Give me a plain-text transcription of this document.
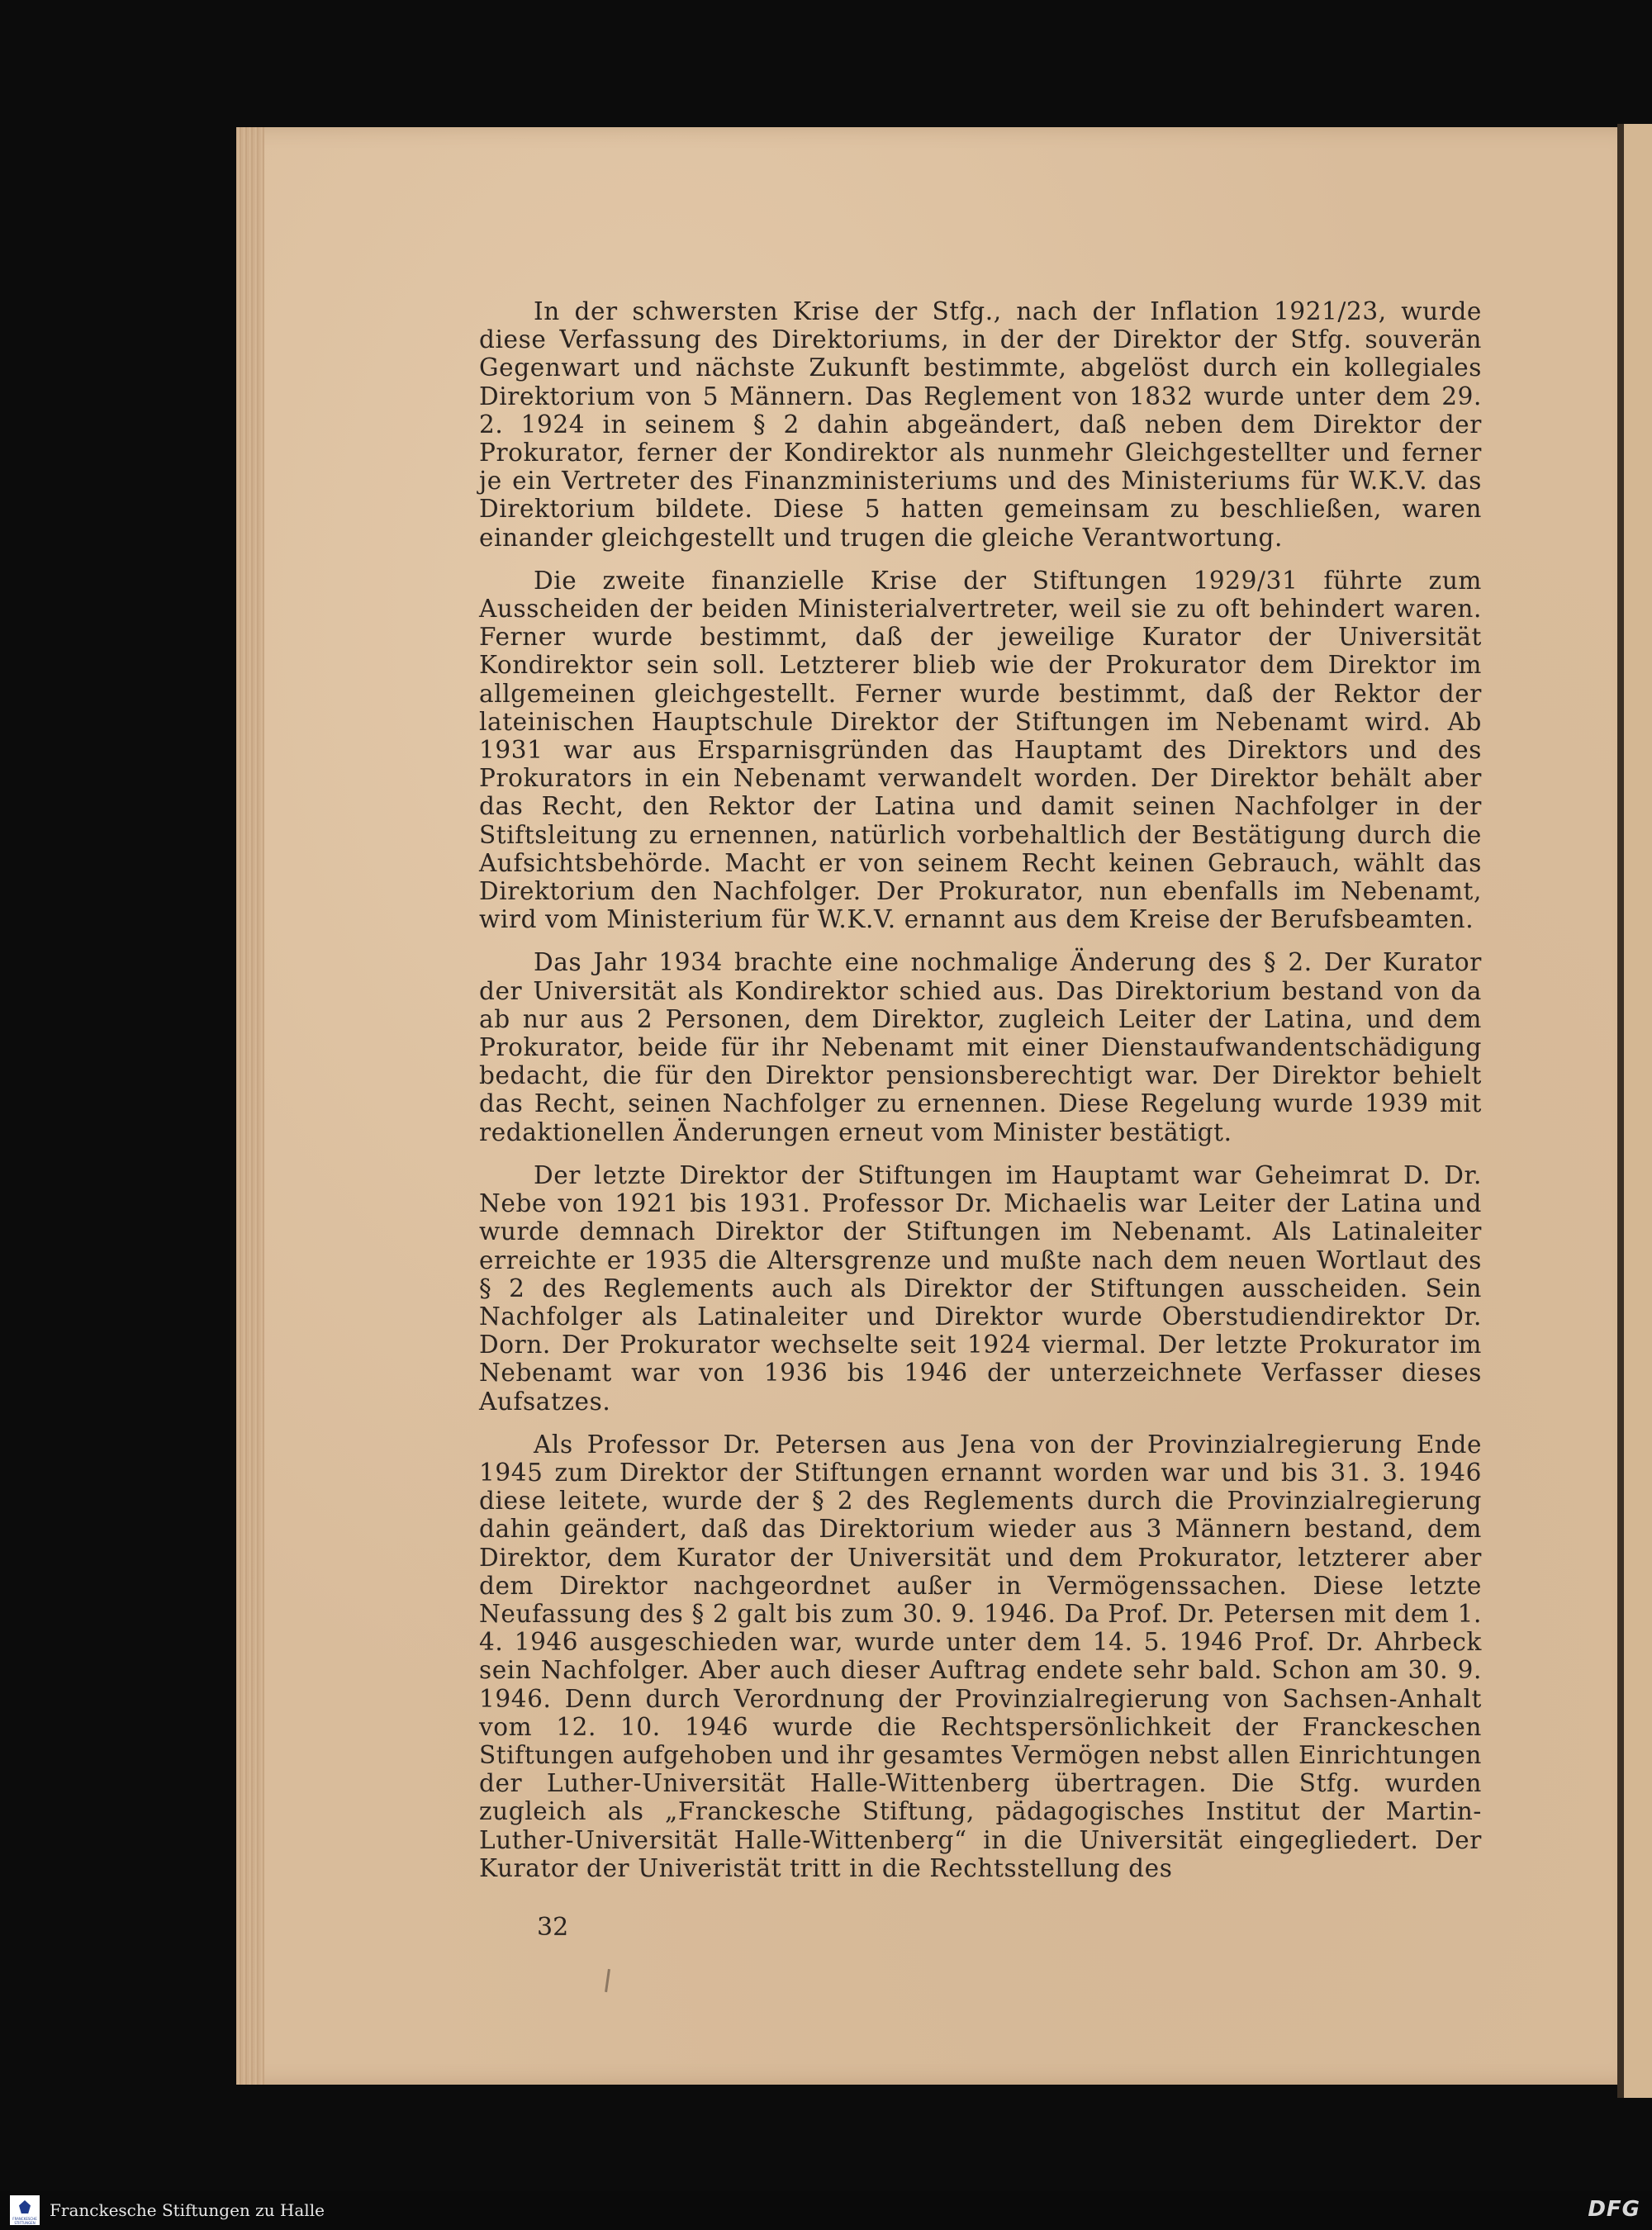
In der schwersten Krise der Stfg., nach der Inflation 1921/23, wurde diese Verfassung des Direktoriums, in der der Direktor der Stfg. souverän Gegenwart und nächste Zukunft bestimmte, abgelöst durch ein kollegiales Direktorium von 5 Männern. Das Reglement von 1832 wurde unter dem 29. 2. 1924 in seinem § 2 dahin abgeändert, daß neben dem Direktor der Prokurator, ferner der Kondirektor als nunmehr Gleichgestellter und ferner je ein Vertreter des Finanzministeriums und des Ministeriums für W.K.V. das Direktorium bildete. Diese 5 hatten gemeinsam zu beschließen, waren einander gleichgestellt und trugen die gleiche Verantwortung.

Die zweite finanzielle Krise der Stiftungen 1929/31 führte zum Ausscheiden der beiden Ministerialvertreter, weil sie zu oft behindert waren. Ferner wurde bestimmt, daß der jeweilige Kurator der Universität Kondirektor sein soll. Letzterer blieb wie der Prokurator dem Direktor im allgemeinen gleichgestellt. Ferner wurde bestimmt, daß der Rektor der lateinischen Hauptschule Direktor der Stiftungen im Nebenamt wird. Ab 1931 war aus Ersparnisgründen das Hauptamt des Direktors und des Prokurators in ein Nebenamt verwandelt worden. Der Direktor behält aber das Recht, den Rektor der Latina und damit seinen Nachfolger in der Stiftsleitung zu ernennen, natürlich vorbehaltlich der Bestätigung durch die Aufsichtsbehörde. Macht er von seinem Recht keinen Gebrauch, wählt das Direktorium den Nachfolger. Der Prokurator, nun ebenfalls im Nebenamt, wird vom Ministerium für W.K.V. ernannt aus dem Kreise der Berufsbeamten.

Das Jahr 1934 brachte eine nochmalige Änderung des § 2. Der Kurator der Universität als Kondirektor schied aus. Das Direktorium bestand von da ab nur aus 2 Personen, dem Direktor, zugleich Leiter der Latina, und dem Prokurator, beide für ihr Nebenamt mit einer Dienstaufwandentschädigung bedacht, die für den Direktor pensionsberechtigt war. Der Direktor behielt das Recht, seinen Nachfolger zu ernennen. Diese Regelung wurde 1939 mit redaktionellen Änderungen erneut vom Minister bestätigt.

Der letzte Direktor der Stiftungen im Hauptamt war Geheimrat D. Dr. Nebe von 1921 bis 1931. Professor Dr. Michaelis war Leiter der Latina und wurde demnach Direktor der Stiftungen im Nebenamt. Als Latinaleiter erreichte er 1935 die Altersgrenze und mußte nach dem neuen Wortlaut des § 2 des Reglements auch als Direktor der Stiftungen ausscheiden. Sein Nachfolger als Latinaleiter und Direktor wurde Oberstudiendirektor Dr. Dorn. Der Prokurator wechselte seit 1924 viermal. Der letzte Prokurator im Nebenamt war von 1936 bis 1946 der unterzeichnete Verfasser dieses Aufsatzes.

Als Professor Dr. Petersen aus Jena von der Provinzialregierung Ende 1945 zum Direktor der Stiftungen ernannt worden war und bis 31. 3. 1946 diese leitete, wurde der § 2 des Reglements durch die Provinzialregierung dahin geändert, daß das Direktorium wieder aus 3 Männern bestand, dem Direktor, dem Kurator der Universität und dem Prokurator, letzterer aber dem Direktor nachgeordnet außer in Vermögenssachen. Diese letzte Neufassung des § 2 galt bis zum 30. 9. 1946. Da Prof. Dr. Petersen mit dem 1. 4. 1946 ausgeschieden war, wurde unter dem 14. 5. 1946 Prof. Dr. Ahrbeck sein Nachfolger. Aber auch dieser Auftrag endete sehr bald. Schon am 30. 9. 1946. Denn durch Verordnung der Provinzialregierung von Sachsen-Anhalt vom 12. 10. 1946 wurde die Rechtspersönlichkeit der Franckeschen Stiftungen aufgehoben und ihr gesamtes Vermögen nebst allen Einrichtungen der Luther-Universität Halle-Wittenberg übertragen. Die Stfg. wurden zugleich als „Franckesche Stiftung, pädagogisches Institut der Martin-Luther-Universität Halle-Wittenberg“ in die Universität eingegliedert. Der Kurator der Univeristät tritt in die Rechtsstellung des

32
FRANCKESCHE STIFTUNGEN
Franckesche Stiftungen zu Halle	DFG
